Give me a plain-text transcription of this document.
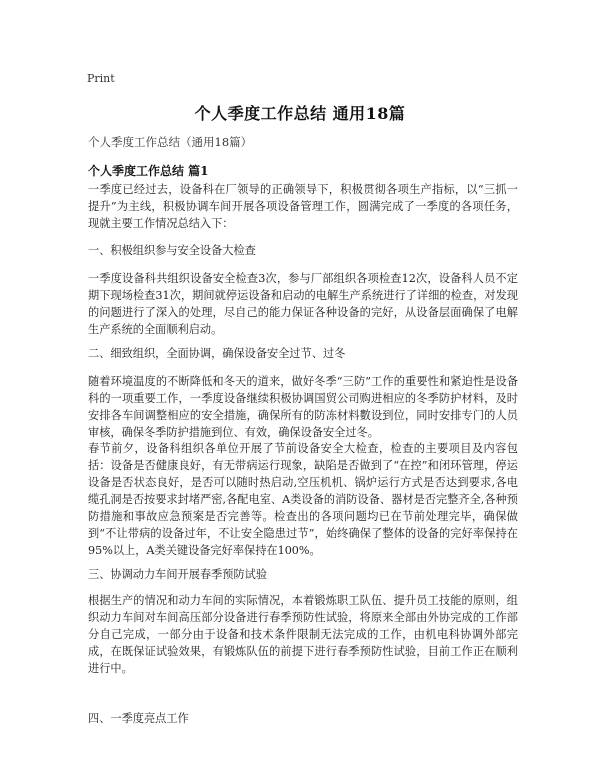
Print
个人季度工作总结 通用18篇
个人季度工作总结（通用18篇）
个人季度工作总结 篇1

一季度已经过去，设备科在厂领导的正确领导下，积极贯彻各项生产指标，以“三抓一提升”为主线，积极协调车间开展各项设备管理工作，圆满完成了一季度的各项任务，现就主要工作情况总结入下：

一、积极组织参与安全设备大检查

一季度设备科共组织设备安全检查3次，参与厂部组织各项检查12次，设备科人员不定期下现场检查31次，期间就停运设备和启动的电解生产系统进行了详细的检查，对发现的问题进行了深入的处理，尽自己的能力保证各种设备的完好，从设备层面确保了电解生产系统的全面顺利启动。

二、细致组织，全面协调，确保设备安全过节、过冬

随着环境温度的不断降低和冬天的道来，做好冬季“三防”工作的重要性和紧迫性是设备科的一项重要工作，一季度设备继续积极协调国贸公司购进相应的冬季防护材料，及时安排各车间调整相应的安全措施，确保所有的防冻材料數设到位，同时安排专门的人员审核，确保冬季防护措施到位、有效，确保设备安全过冬。

春节前夕，设备科组织各单位开展了节前设备安全大检查，检查的主要项目及内容包括：设备是否健康良好，有无带病运行现象，缺陷是否做到了“在控”和闭环管理，停运设备是否状态良好，是否可以随时热启动,空压机机、锅炉运行方式是否达到要求,各电缆孔洞是否按要求封堵严密,各配电室、A类设备的消防设备、器材是否完整齐全,各种预防措施和事故应急预案是否完善等。检查出的各项问题均已在节前处理完毕，确保做到“不让带病的设备过年，不让安全隐患过节”，始终确保了整体的设备的完好率保持在95%以上，A类关键设备完好率保持在100%。

三、协调动力车间开展春季预防试验

根据生产的情况和动力车间的实际情况，本着锻炼职工队伍、提升员工技能的原则，组织动力车间对车间高压部分设备进行春季预防性试验，将原来全部由外协完成的工作部分自己完成，一部分由于设备和技术条件限制无法完成的工作，由机电科协调外部完成，在既保证试验效果，有锻炼队伍的前提下进行春季预防性试验，目前工作正在顺利进行中。

四、一季度亮点工作
